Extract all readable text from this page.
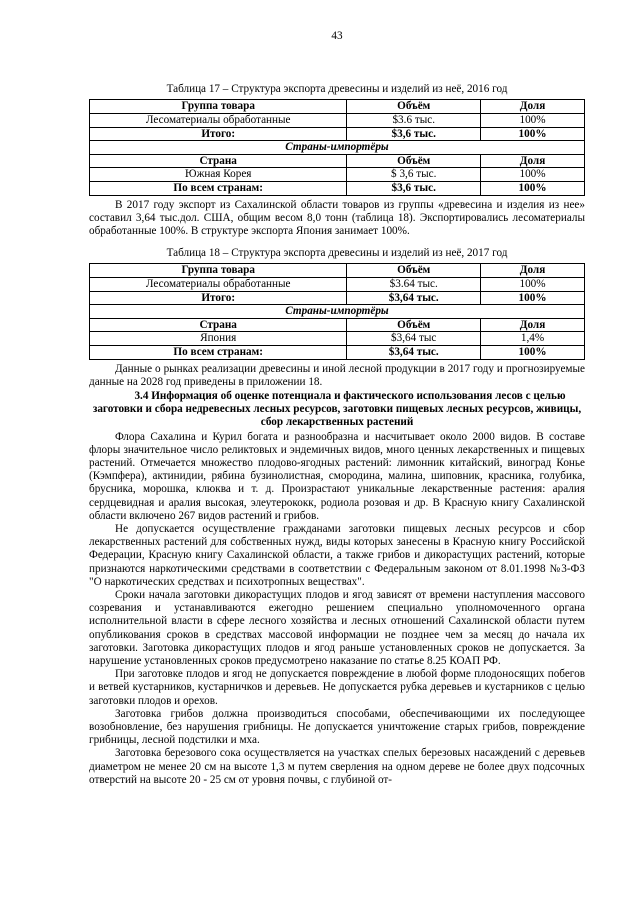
43
Таблица 17 – Структура экспорта древесины и изделий из неё, 2016 год
Группа товара	Объём	Доля
Лесоматериалы обработанные	$3.6 тыс.	100%
Итого:	$3,6 тыс.	100%
Страны-импортёры		
Страна	Объём	Доля
Южная Корея	$ 3,6 тыс.	100%
По всем странам:	$3,6 тыс.	100%

В 2017 году экспорт из Сахалинской области товаров из группы «древесина и изделия из нее» составил 3,64 тыс.дол. США, общим весом 8,0 тонн (таблица 18). Экспортировались лесоматериалы обработанные 100%. В структуре экспорта Япония занимает 100%.

Таблица 18 – Структура экспорта древесины и изделий из неё, 2017 год
Группа товара	Объём	Доля
Лесоматериалы обработанные	$3.64 тыс.	100%
Итого:	$3,64 тыс.	100%
Страны-импортёры		
Страна	Объём	Доля
Япония	$3,64 тыс	1,4%
По всем странам:	$3,64 тыс.	100%

Данные о рынках реализации древесины и иной лесной продукции в 2017 году и прогнозируемые данные на 2028 год приведены в приложении 18.

3.4 Информация об оценке потенциала и фактического использования лесов с целью заготовки и сбора недревесных лесных ресурсов, заготовки пищевых лесных ресурсов, живицы, сбор лекарственных растений

Флора Сахалина и Курил богата и разнообразна и насчитывает около 2000 видов. В составе флоры значительное число реликтовых и эндемичных видов, много ценных лекарственных и пищевых растений. Отмечается множество плодово-ягодных растений: лимонник китайский, виноград Конье (Кэмпфера), актинидии, рябина бузинолистная, смородина, малина, шиповник, красника, голубика, брусника, морошка, клюква и т. д. Произрастают уникальные лекарственные растения: аралия сердцевидная и аралия высокая, элеутерококк, родиола розовая и др. В Красную книгу Сахалинской области включено 267 видов растений и грибов.

Не допускается осуществление гражданами заготовки пищевых лесных ресурсов и сбор лекарственных растений для собственных нужд, виды которых занесены в Красную книгу Российской Федерации, Красную книгу Сахалинской области, а также грибов и дикорастущих растений, которые признаются наркотическими средствами в соответствии с Федеральным законом от 8.01.1998 №3-ФЗ "О наркотических средствах и психотропных веществах".

Сроки начала заготовки дикорастущих плодов и ягод зависят от времени наступления массового созревания и устанавливаются ежегодно решением специально уполномоченного органа исполнительной власти в сфере лесного хозяйства и лесных отношений Сахалинской области путем опубликования сроков в средствах массовой информации не позднее чем за месяц до начала их заготовки. Заготовка дикорастущих плодов и ягод раньше установленных сроков не допускается. За нарушение установленных сроков предусмотрено наказание по статье 8.25 КОАП РФ.

При заготовке плодов и ягод не допускается повреждение в любой форме плодоносящих побегов и ветвей кустарников, кустарничков и деревьев. Не допускается рубка деревьев и кустарников с целью заготовки плодов и орехов.

Заготовка грибов должна производиться способами, обеспечивающими их последующее возобновление, без нарушения грибницы. Не допускается уничтожение старых грибов, повреждение грибницы, лесной подстилки и мха.

Заготовка березового сока осуществляется на участках спелых березовых насаждений с деревьев диаметром не менее 20 см на высоте 1,3 м путем сверления на одном дереве не более двух подсочных отверстий на высоте 20 - 25 см от уровня почвы, с глубиной от-
